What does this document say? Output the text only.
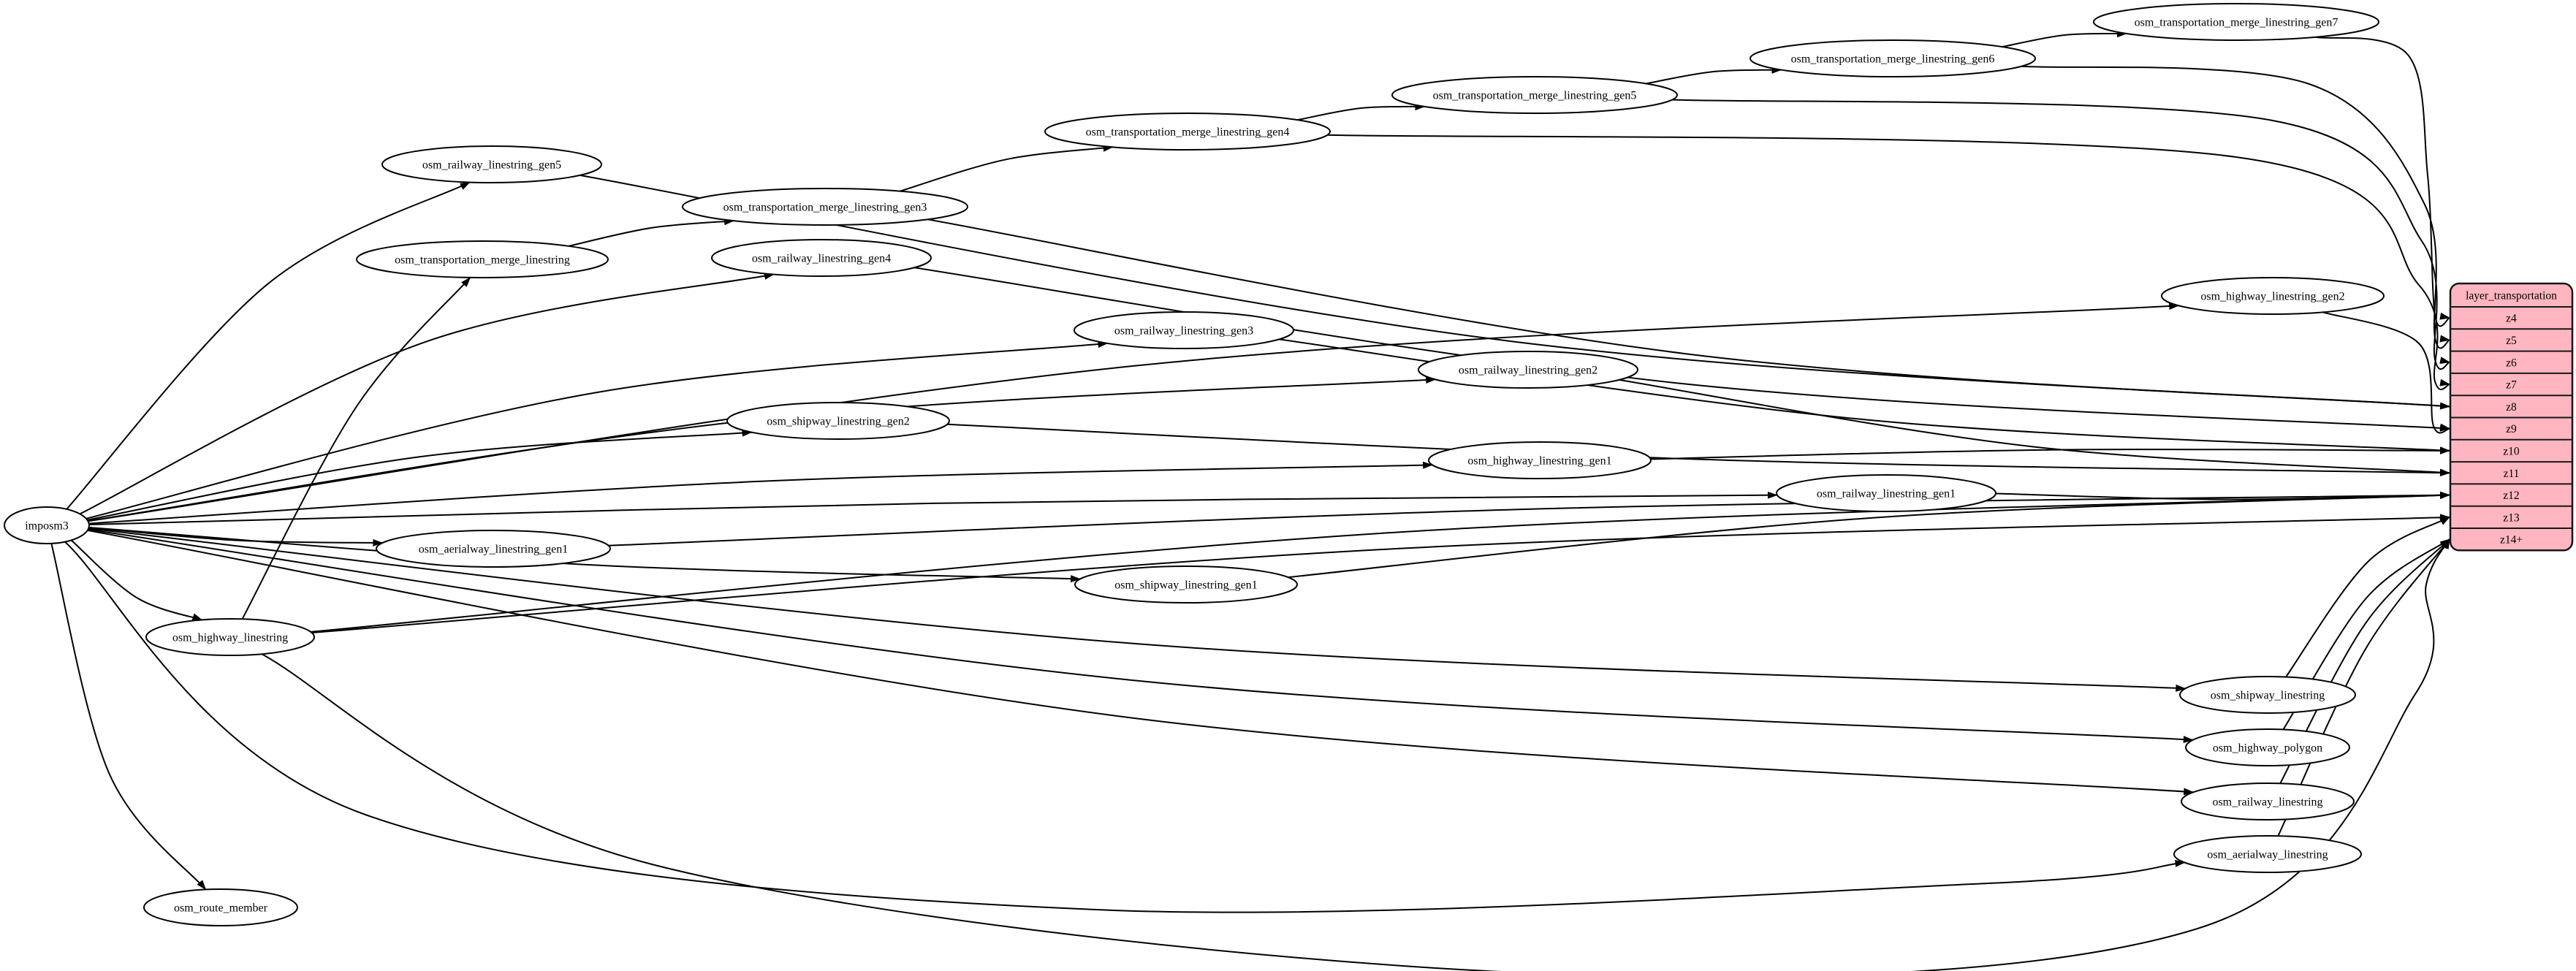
layer_transportation
z4
z5
z6
z7
z8
z9
z10
z11
z12
z13
z14+
imposm3
osm_highway_linestring
osm_route_member
osm_transportation_merge_linestring
osm_transportation_merge_linestring_gen3
osm_transportation_merge_linestring_gen4
osm_transportation_merge_linestring_gen5
osm_transportation_merge_linestring_gen6
osm_transportation_merge_linestring_gen7
osm_railway_linestring_gen5
osm_railway_linestring_gen4
osm_railway_linestring_gen3
osm_railway_linestring_gen2
osm_railway_linestring_gen1
osm_highway_linestring_gen2
osm_highway_linestring_gen1
osm_shipway_linestring_gen2
osm_shipway_linestring_gen1
osm_aerialway_linestring_gen1
osm_shipway_linestring
osm_highway_polygon
osm_railway_linestring
osm_aerialway_linestring
